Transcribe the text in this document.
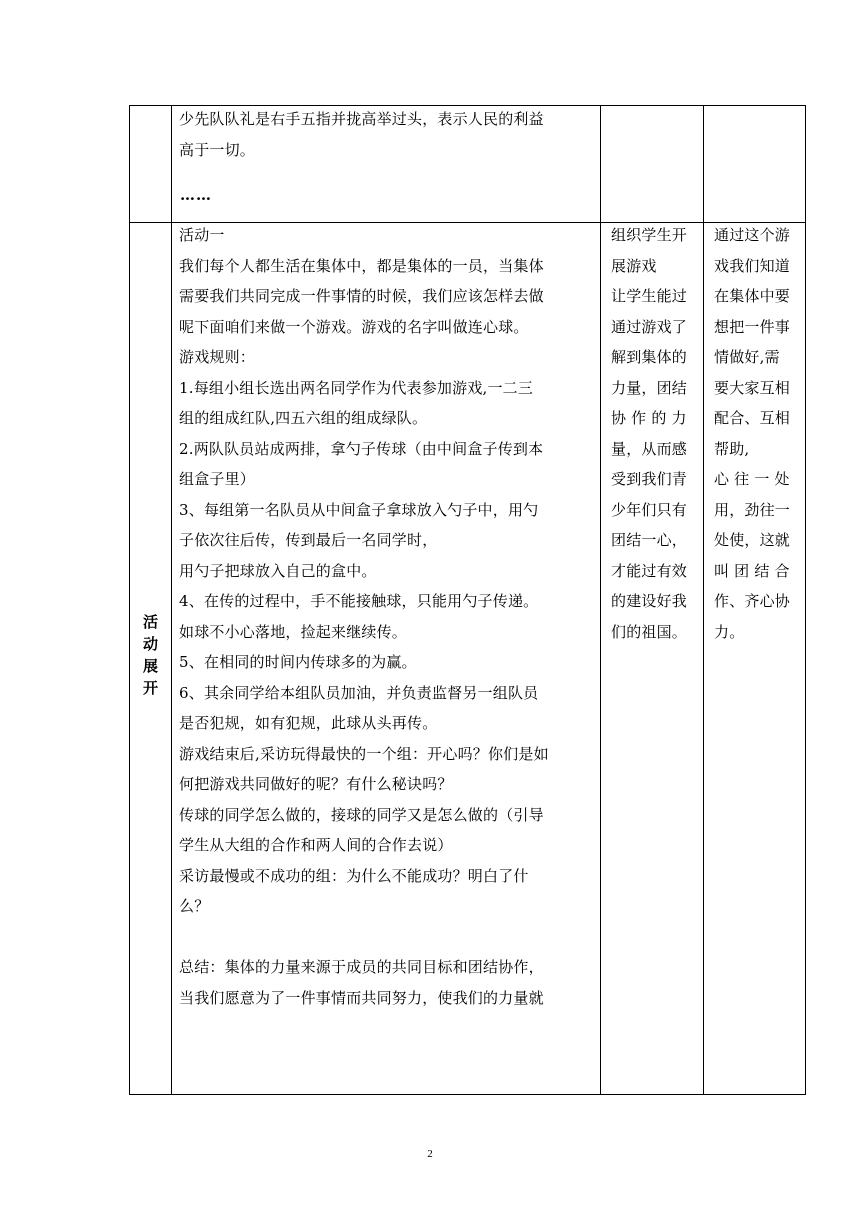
少先队队礼是右手五指并拢高举过头，表示人民的利益
高于一切。
……
活
动
展
开
活动一
我们每个人都生活在集体中，都是集体的一员，当集体
需要我们共同完成一件事情的时候，我们应该怎样去做
呢下面咱们来做一个游戏。游戏的名字叫做连心球。
游戏规则：
1.每组小组长选出两名同学作为代表参加游戏,一二三
组的组成红队,四五六组的组成绿队。
2.两队队员站成两排，拿勺子传球（由中间盒子传到本
组盒子里）
3、每组第一名队员从中间盒子拿球放入勺子中，用勺
子依次往后传，传到最后一名同学时，
用勺子把球放入自己的盒中。
4、在传的过程中，手不能接触球，只能用勺子传递。
如球不小心落地，捡起来继续传。
5、在相同的时间内传球多的为赢。
6、其余同学给本组队员加油，并负责监督另一组队员
是否犯规，如有犯规，此球从头再传。
游戏结束后,采访玩得最快的一个组：开心吗？你们是如
何把游戏共同做好的呢？有什么秘诀吗？
传球的同学怎么做的，接球的同学又是怎么做的（引导
学生从大组的合作和两人间的合作去说）
采访最慢或不成功的组：为什么不能成功？明白了什
么？

总结：集体的力量来源于成员的共同目标和团结协作，
当我们愿意为了一件事情而共同努力，使我们的力量就
组织学生开
展游戏
让学生能过
通过游戏了
解到集体的
力量，团结
协 作 的 力
量，从而感
受到我们青
少年们只有
团结一心，
才能过有效
的建设好我
们的祖国。
通过这个游
戏我们知道
在集体中要
想把一件事
情做好,需
要大家互相
配合、互相
帮助,
心 往 一 处
用，劲往一
处使，这就
叫 团 结 合
作、齐心协
力。
2
